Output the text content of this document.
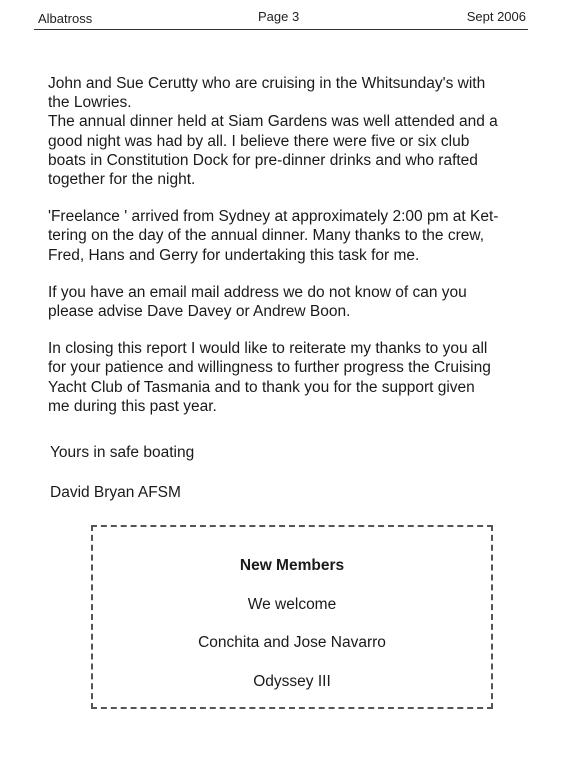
Albatross	Page 3	Sept 2006

John and Sue Cerutty who are cruising in the Whitsunday's with

the Lowries.

The annual dinner held at Siam Gardens was well attended and a

good night was had by all. I believe there were five or six club

boats in Constitution Dock for pre-dinner drinks and who rafted

together for the night.

'Freelance ' arrived from Sydney at approximately 2:00 pm at Ket-

tering on the day of the annual dinner. Many thanks to the crew,

Fred, Hans and Gerry for undertaking this task for me.

If you have an email mail address we do not know of can you

please advise Dave Davey or Andrew Boon.

In closing this report I would like to reiterate my thanks to you all

for your patience and willingness to further progress the Cruising

Yacht Club of Tasmania and to thank you for the support given

me during this past year.

Yours in safe boating
David Bryan AFSM
New Members
We welcome
Conchita and Jose Navarro
Odyssey III
